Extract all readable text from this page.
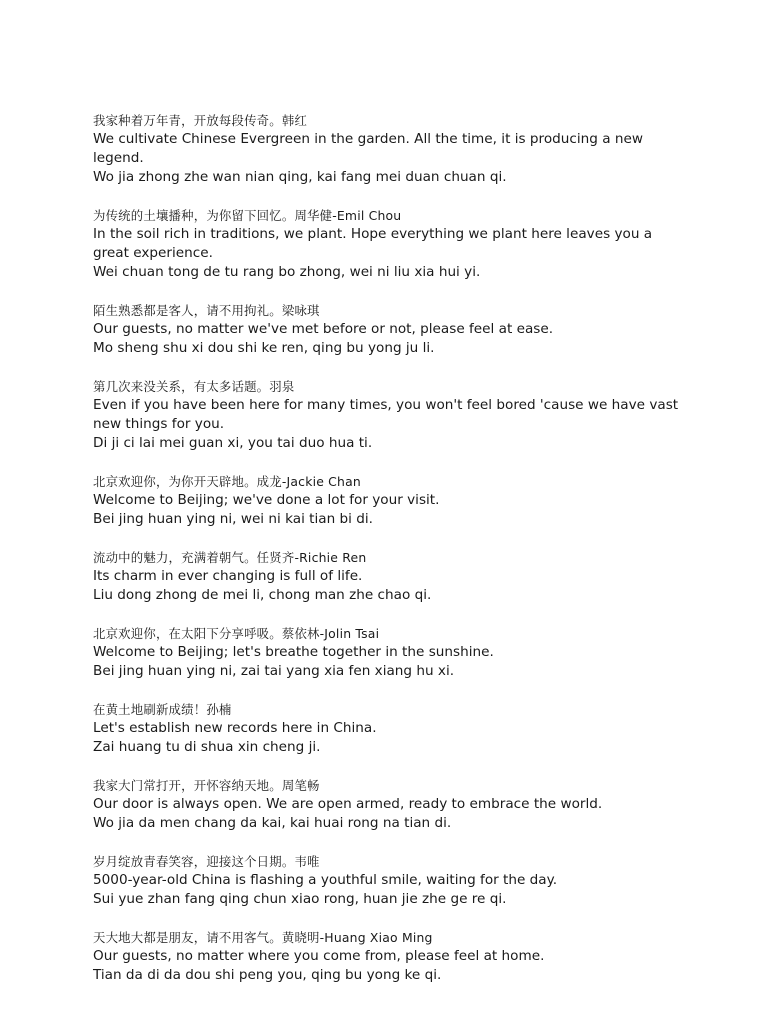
我家种着万年青，开放每段传奇。韩红
We cultivate Chinese Evergreen in the garden. All the time, it is producing a new legend.
Wo jia zhong zhe wan nian qing, kai fang mei duan chuan qi.
为传统的土壤播种，为你留下回忆。周华健-Emil Chou
In the soil rich in traditions, we plant. Hope everything we plant here leaves you a great experience.
Wei chuan tong de tu rang bo zhong, wei ni liu xia hui yi.
陌生熟悉都是客人，请不用拘礼。梁咏琪
Our guests, no matter we've met before or not, please feel at ease.
Mo sheng shu xi dou shi ke ren, qing bu yong ju li.
第几次来没关系，有太多话题。羽泉
Even if you have been here for many times, you won't feel bored 'cause we have vast new things for you.
Di ji ci lai mei guan xi, you tai duo hua ti.
北京欢迎你，为你开天辟地。成龙-Jackie Chan
Welcome to Beijing; we've done a lot for your visit.
Bei jing huan ying ni, wei ni kai tian bi di.
流动中的魅力，充满着朝气。任贤齐-Richie Ren
Its charm in ever changing is full of life.
Liu dong zhong de mei li, chong man zhe chao qi.
北京欢迎你，在太阳下分享呼吸。蔡依林-Jolin Tsai
Welcome to Beijing; let's breathe together in the sunshine.
Bei jing huan ying ni, zai tai yang xia fen xiang hu xi.
在黄土地刷新成绩！孙楠
Let's establish new records here in China.
Zai huang tu di shua xin cheng ji.
我家大门常打开，开怀容纳天地。周笔畅
Our door is always open. We are open armed, ready to embrace the world.
Wo jia da men chang da kai, kai huai rong na tian di.
岁月绽放青春笑容，迎接这个日期。韦唯
5000-year-old China is flashing a youthful smile, waiting for the day.
Sui yue zhan fang qing chun xiao rong, huan jie zhe ge re qi.
天大地大都是朋友，请不用客气。黄晓明-Huang Xiao Ming
Our guests, no matter where you come from, please feel at home.
Tian da di da dou shi peng you, qing bu yong ke qi.
